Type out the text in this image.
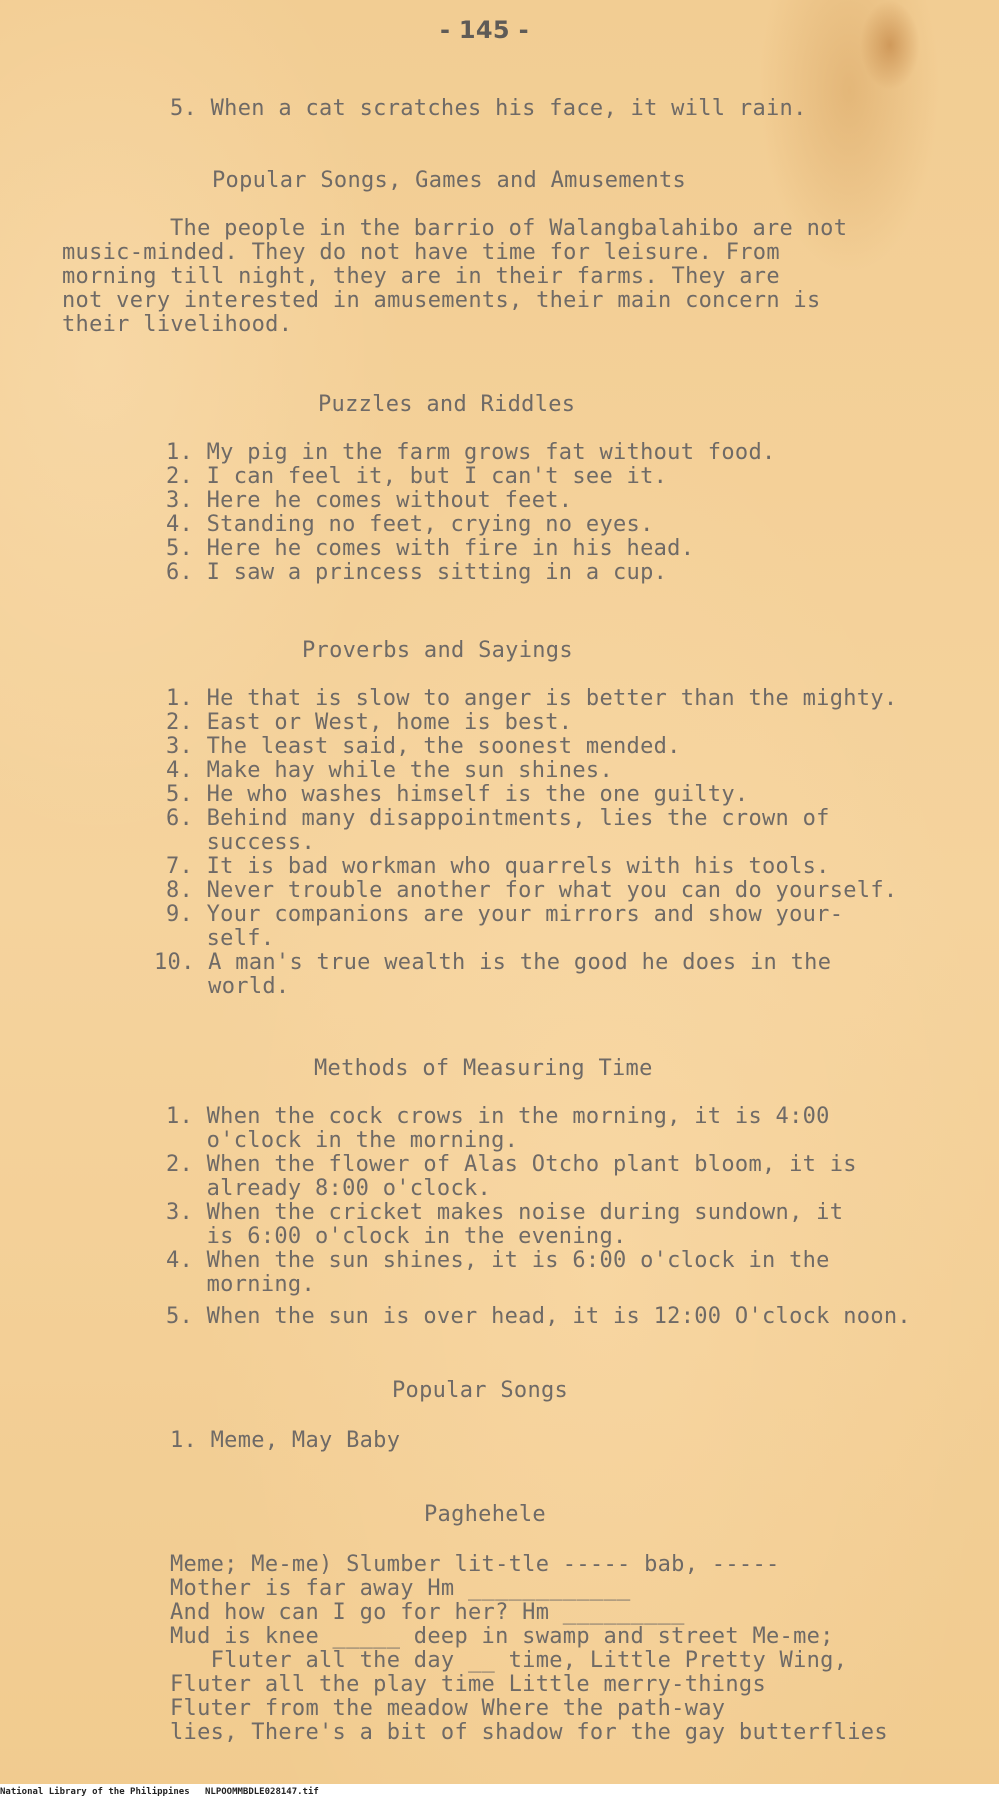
- 145 -
5. When a cat scratches his face, it will rain.
Popular Songs, Games and Amusements
The people in the barrio of Walangbalahibo are not
music-minded. They do not have time for leisure. From
morning till night, they are in their farms. They are
not very interested in amusements, their main concern is
their livelihood.
Puzzles and Riddles
1. My pig in the farm grows fat without food.
2. I can feel it, but I can't see it.
3. Here he comes without feet.
4. Standing no feet, crying no eyes.
5. Here he comes with fire in his head.
6. I saw a princess sitting in a cup.
Proverbs and Sayings
1. He that is slow to anger is better than the mighty.
2. East or West, home is best.
3. The least said, the soonest mended.
4. Make hay while the sun shines.
5. He who washes himself is the one guilty.
6. Behind many disappointments, lies the crown of
success.
7. It is bad workman who quarrels with his tools.
8. Never trouble another for what you can do yourself.
9. Your companions are your mirrors and show your-
self.
10. A man's true wealth is the good he does in the
world.
Methods of Measuring Time
1. When the cock crows in the morning, it is 4:00
o'clock in the morning.
2. When the flower of Alas Otcho plant bloom, it is
already 8:00 o'clock.
3. When the cricket makes noise during sundown, it
is 6:00 o'clock in the evening.
4. When the sun shines, it is 6:00 o'clock in the
morning.
5. When the sun is over head, it is 12:00 O'clock noon.
Popular Songs
1. Meme, May Baby
Paghehele
Meme; Me-me) Slumber lit-tle ----- bab, -----
Mother is far away Hm ____________
And how can I go for her? Hm _________
Mud is knee _____ deep in swamp and street Me-me;
Fluter all the day __ time, Little Pretty Wing,
Fluter all the play time Little merry-things
Fluter from the meadow Where the path-way
lies, There's a bit of shadow for the gay butterflies
National Library of the Philippines NLPOOMMBDLE028147.tif
